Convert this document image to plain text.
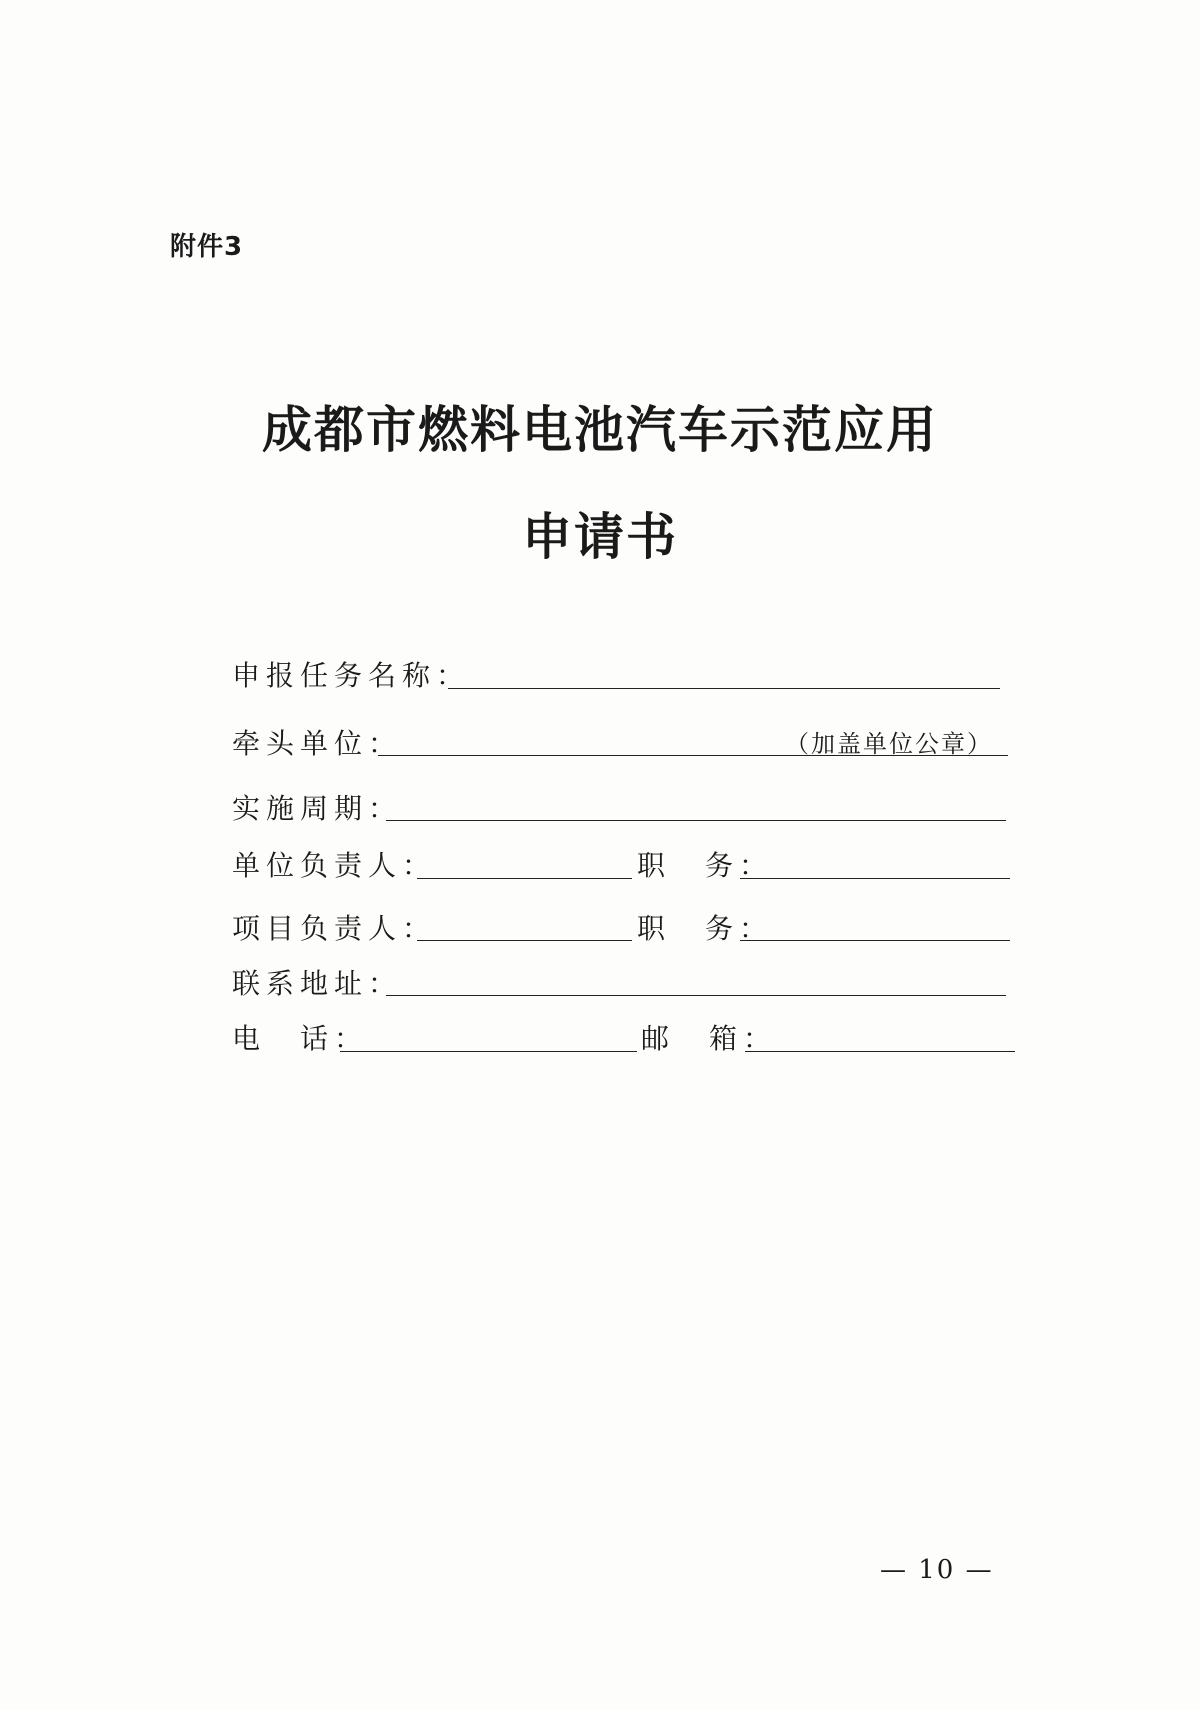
附件3
成都市燃料电池汽车示范应用
申请书
申报任务名称：
牵头单位：	（加盖单位公章）
实施周期：
单位负责人：	职　务：
项目负责人：	职　务：
联系地址：
电　话：	邮　箱：
— 10 —
